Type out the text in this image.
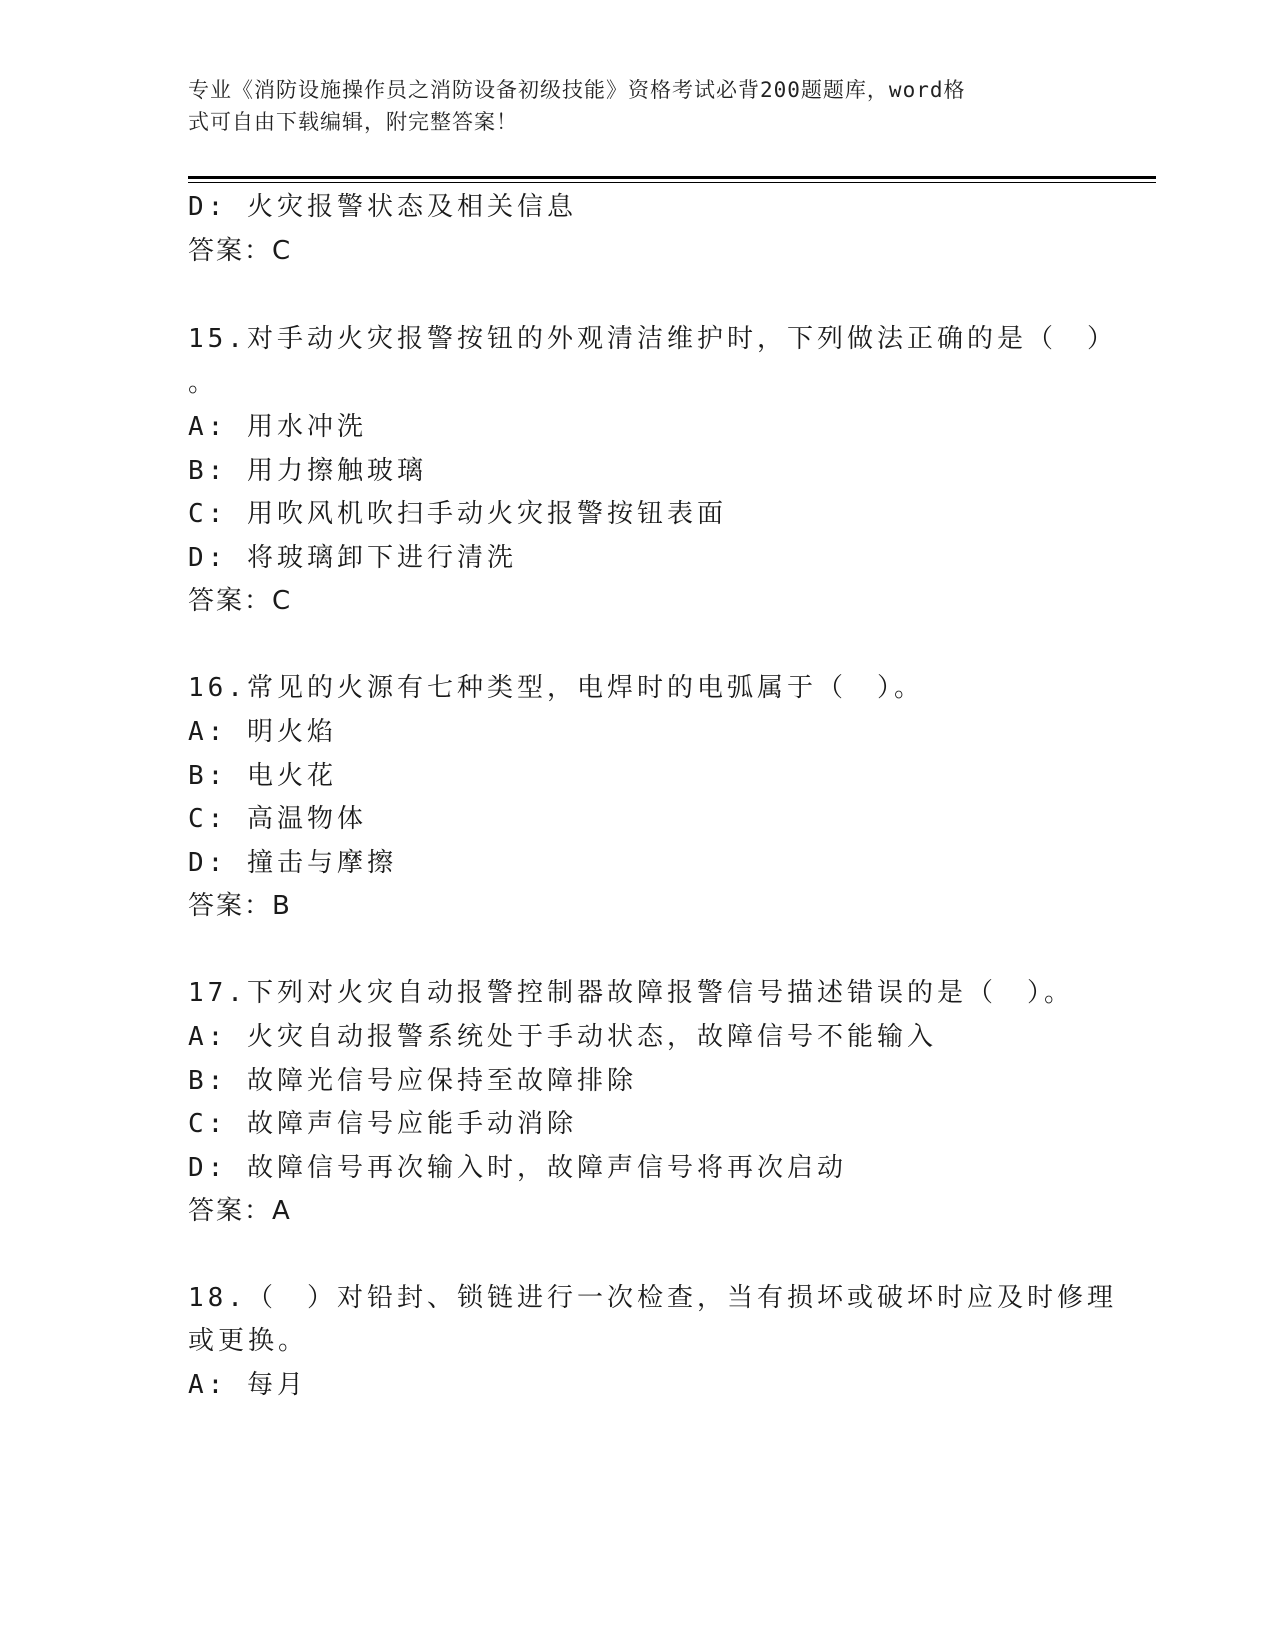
专业《消防设施操作员之消防设备初级技能》资格考试必背200题题库，word格
式可自由下载编辑，附完整答案！
D: 火灾报警状态及相关信息
答案：C
15.对手动火灾报警按钮的外观清洁维护时，下列做法正确的是（　）
。
A: 用水冲洗
B: 用力擦触玻璃
C: 用吹风机吹扫手动火灾报警按钮表面
D: 将玻璃卸下进行清洗
答案：C
16.常见的火源有七种类型，电焊时的电弧属于（　）。
A: 明火焰
B: 电火花
C: 高温物体
D: 撞击与摩擦
答案：B
17.下列对火灾自动报警控制器故障报警信号描述错误的是（　）。
A: 火灾自动报警系统处于手动状态，故障信号不能输入
B: 故障光信号应保持至故障排除
C: 故障声信号应能手动消除
D: 故障信号再次输入时，故障声信号将再次启动
答案：A
18.（　）对铅封、锁链进行一次检查，当有损坏或破坏时应及时修理
或更换。
A: 每月
